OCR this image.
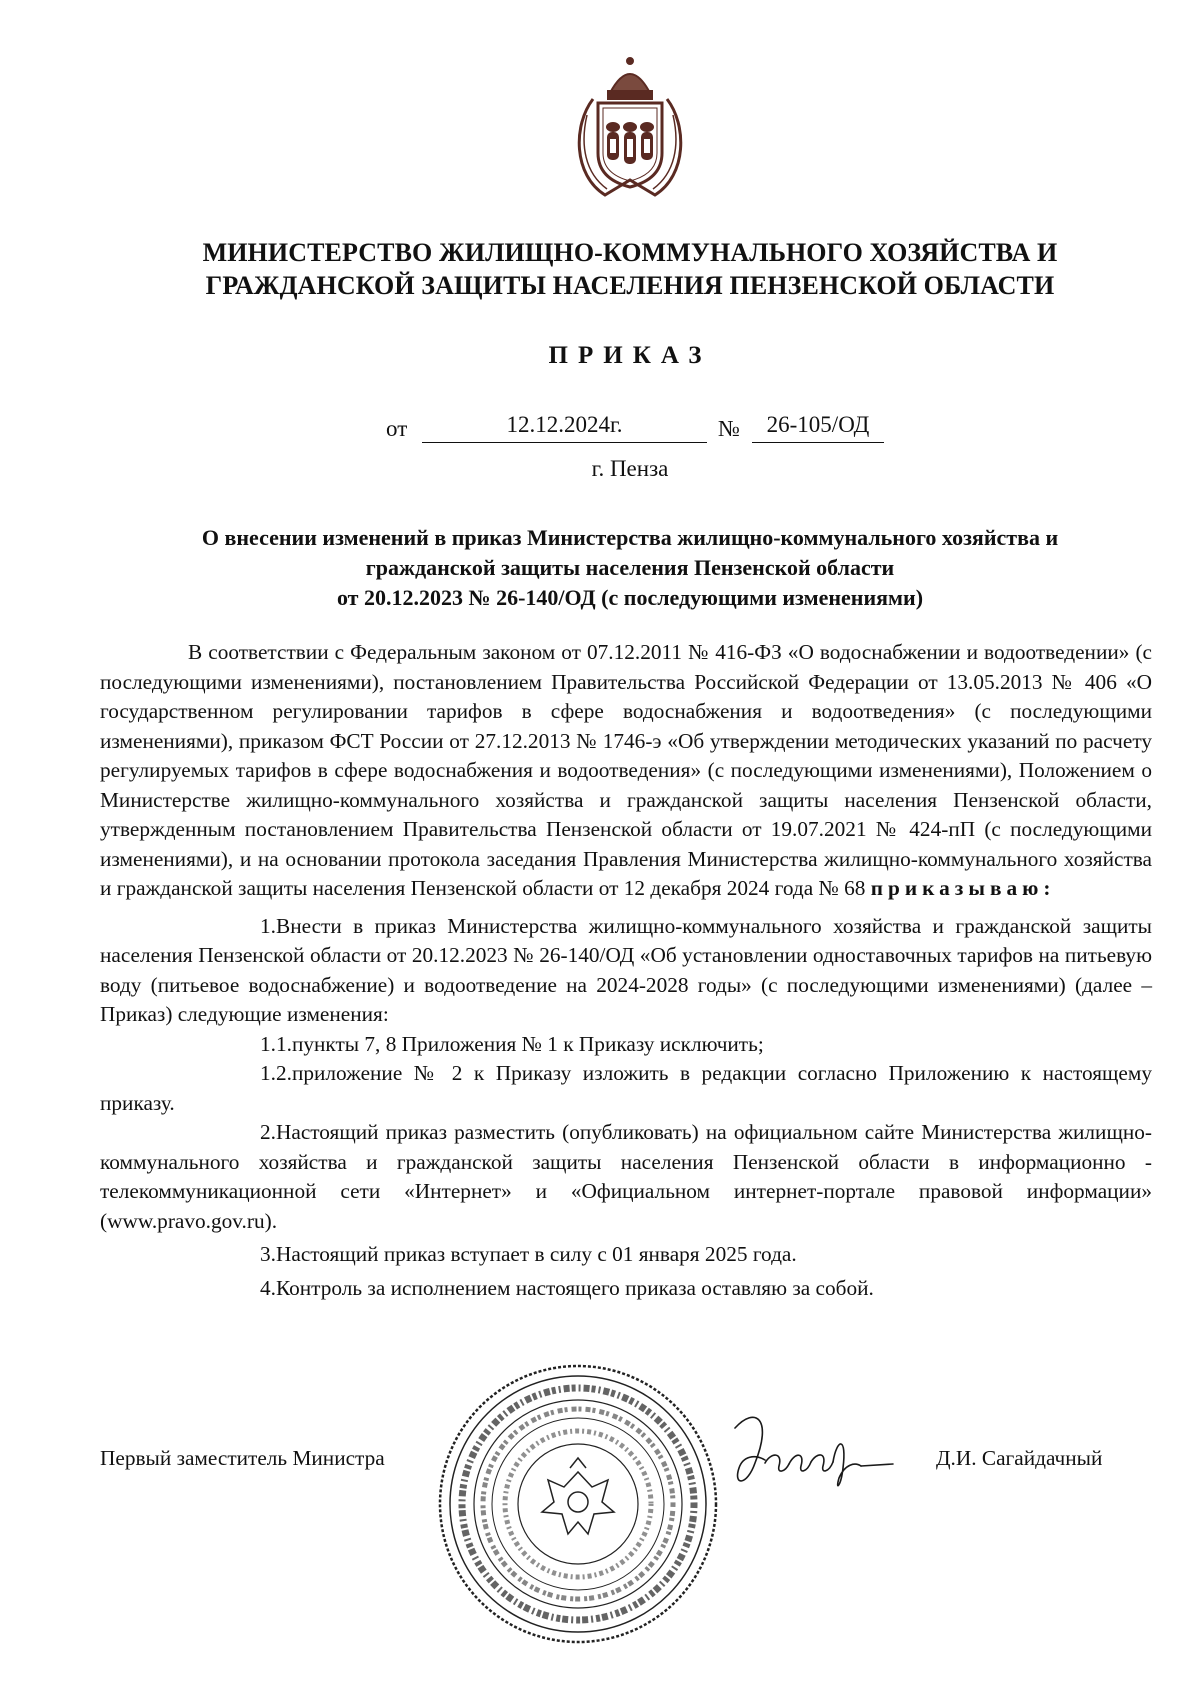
МИНИСТЕРСТВО ЖИЛИЩНО-КОММУНАЛЬНОГО ХОЗЯЙСТВА И
ГРАЖДАНСКОЙ ЗАЩИТЫ НАСЕЛЕНИЯ ПЕНЗЕНСКОЙ ОБЛАСТИ
ПРИКАЗ
от	12.12.2024г.	№	26-105/ОД
г. Пенза
О внесении изменений в приказ Министерства жилищно-коммунального хозяйства и
гражданской защиты населения Пензенской области
от 20.12.2023 № 26-140/ОД (с последующими изменениями)

В соответствии с Федеральным законом от 07.12.2011 № 416-ФЗ «О водоснабжении и водоотведении» (с последующими изменениями), постановлением Правительства Российской Федерации от 13.05.2013 № 406 «О государственном регулировании тарифов в сфере водоснабжения и водоотведения» (с последующими изменениями), приказом ФСТ России от 27.12.2013 № 1746-э «Об утверждении методических указаний по расчету регулируемых тарифов в сфере водоснабжения и водоотведения» (с последующими изменениями), Положением о Министерстве жилищно-коммунального хозяйства и гражданской защиты населения Пензенской области, утвержденным постановлением Правительства Пензенской области от 19.07.2021 № 424-пП (с последующими изменениями), и на основании протокола заседания Правления Министерства жилищно-коммунального хозяйства и гражданской защиты населения Пензенской области от 12 декабря 2024 года № 68 приказываю:

1.Внести в приказ Министерства жилищно-коммунального хозяйства и гражданской защиты населения Пензенской области от 20.12.2023 № 26-140/ОД «Об установлении одноставочных тарифов на питьевую воду (питьевое водоснабжение) и водоотведение на 2024-2028 годы» (с последующими изменениями) (далее – Приказ) следующие изменения:

1.1.пункты 7, 8 Приложения № 1 к Приказу исключить;

1.2.приложение № 2 к Приказу изложить в редакции согласно Приложению к настоящему приказу.

2.Настоящий приказ разместить (опубликовать) на официальном сайте Министерства жилищно-коммунального хозяйства и гражданской защиты населения Пензенской области в информационно - телекоммуникационной сети «Интернет» и «Официальном интернет-портале правовой информации» (www.pravo.gov.ru).

3.Настоящий приказ вступает в силу с 01 января 2025 года.

4.Контроль за исполнением настоящего приказа оставляю за собой.

Первый заместитель Министра	Д.И. Сагайдачный
